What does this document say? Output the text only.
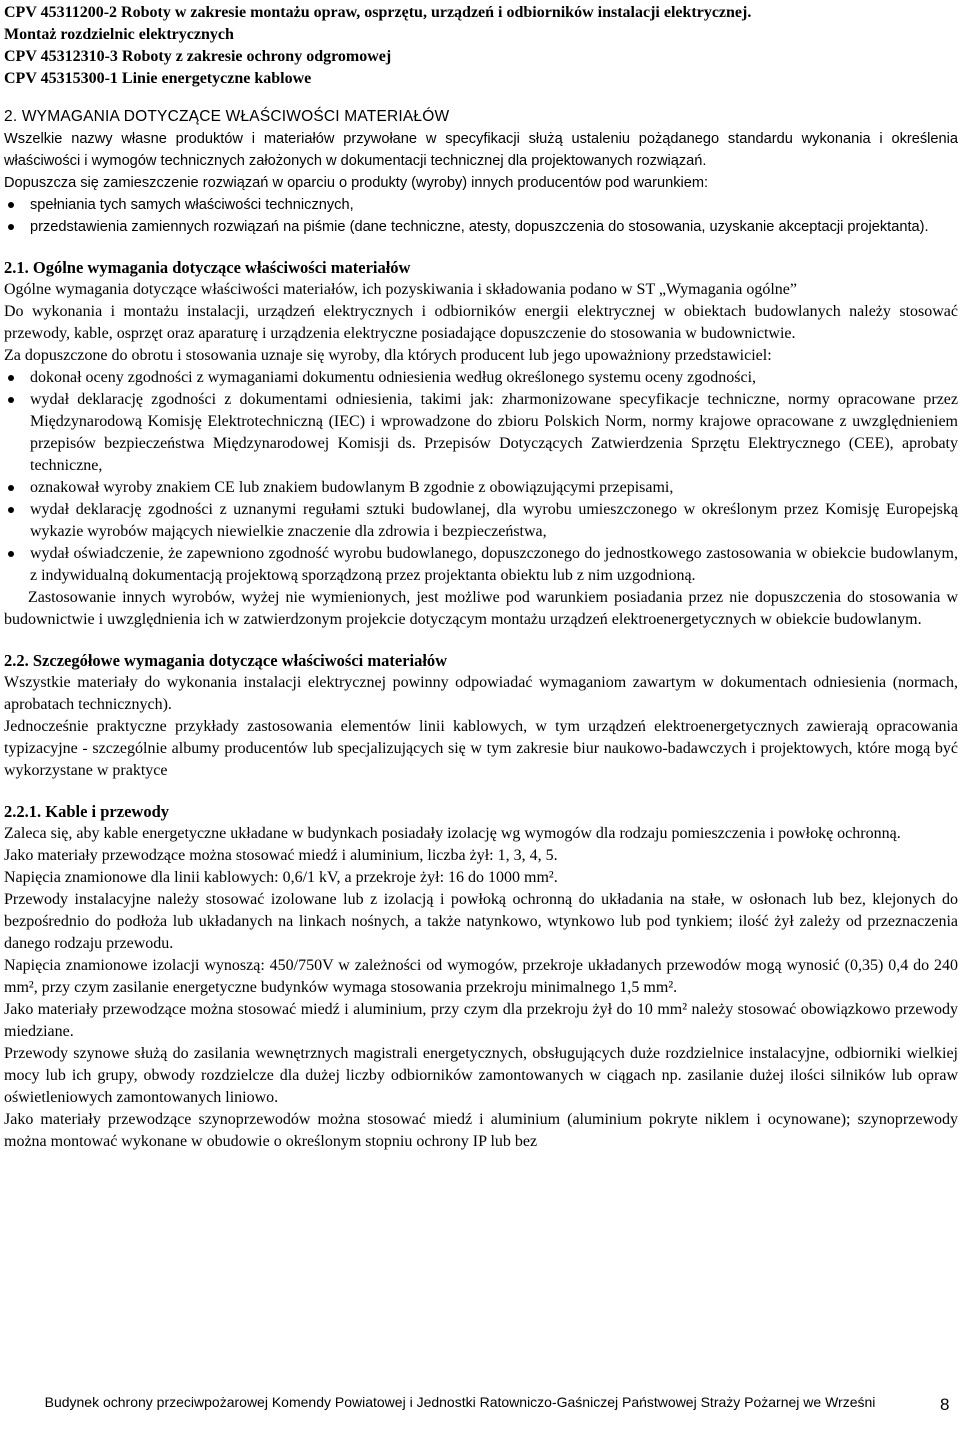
CPV 45311200-2 Roboty w zakresie montażu opraw, osprzętu, urządzeń i odbiorników instalacji elektrycznej.
Montaż rozdzielnic elektrycznych
CPV 45312310-3 Roboty z zakresie ochrony odgromowej
CPV 45315300-1 Linie energetyczne kablowe
2. WYMAGANIA DOTYCZĄCE WŁAŚCIWOŚCI MATERIAŁÓW

Wszelkie nazwy własne produktów i materiałów przywołane w specyfikacji służą ustaleniu pożądanego standardu wykonania i określenia właściwości i wymogów technicznych założonych w dokumentacji technicznej dla projektowanych rozwiązań.

Dopuszcza się zamieszczenie rozwiązań w oparciu o produkty (wyroby) innych producentów pod warunkiem:

spełniania tych samych właściwości technicznych,
przedstawienia zamiennych rozwiązań na piśmie (dane techniczne, atesty, dopuszczenia do stosowania, uzyskanie akceptacji projektanta).
2.1. Ogólne wymagania dotyczące właściwości materiałów

Ogólne wymagania dotyczące właściwości materiałów, ich pozyskiwania i składowania podano w ST „Wymagania ogólne”

Do wykonania i montażu instalacji, urządzeń elektrycznych i odbiorników energii elektrycznej w obiektach budowlanych należy stosować przewody, kable, osprzęt oraz aparaturę i urządzenia elektryczne posiadające dopuszczenie do stosowania w budownictwie.

Za dopuszczone do obrotu i stosowania uznaje się wyroby, dla których producent lub jego upoważniony przedstawiciel:

dokonał oceny zgodności z wymaganiami dokumentu odniesienia według określonego systemu oceny zgodności,
wydał deklarację zgodności z dokumentami odniesienia, takimi jak: zharmonizowane specyfikacje techniczne, normy opracowane przez Międzynarodową Komisję Elektrotechniczną (IEC) i wprowadzone do zbioru Polskich Norm, normy krajowe opracowane z uwzględnieniem przepisów bezpieczeństwa Międzynarodowej Komisji ds. Przepisów Dotyczących Zatwierdzenia Sprzętu Elektrycznego (CEE), aprobaty techniczne,
oznakował wyroby znakiem CE lub znakiem budowlanym B zgodnie z obowiązującymi przepisami,
wydał deklarację zgodności z uznanymi regułami sztuki budowlanej, dla wyrobu umieszczonego w określonym przez Komisję Europejską wykazie wyrobów mających niewielkie znaczenie dla zdrowia i bezpieczeństwa,
wydał oświadczenie, że zapewniono zgodność wyrobu budowlanego, dopuszczonego do jednostkowego zastosowania w obiekcie budowlanym, z indywidualną dokumentacją projektową sporządzoną przez projektanta obiektu lub z nim uzgodnioną.

Zastosowanie innych wyrobów, wyżej nie wymienionych, jest możliwe pod warunkiem posiadania przez nie dopuszczenia do stosowania w budownictwie i uwzględnienia ich w zatwierdzonym projekcie dotyczącym montażu urządzeń elektroenergetycznych w obiekcie budowlanym.

2.2. Szczegółowe wymagania dotyczące właściwości materiałów

Wszystkie materiały do wykonania instalacji elektrycznej powinny odpowiadać wymaganiom zawartym w dokumentach odniesienia (normach, aprobatach technicznych).

Jednocześnie praktyczne przykłady zastosowania elementów linii kablowych, w tym urządzeń elektroenergetycznych zawierają opracowania typizacyjne - szczególnie albumy producentów lub specjalizujących się w tym zakresie biur naukowo-badawczych i projektowych, które mogą być wykorzystane w praktyce

2.2.1. Kable i przewody

Zaleca się, aby kable energetyczne układane w budynkach posiadały izolację wg wymogów dla rodzaju pomieszczenia i powłokę ochronną.

Jako materiały przewodzące można stosować miedź i aluminium, liczba żył: 1, 3, 4, 5.

Napięcia znamionowe dla linii kablowych: 0,6/1 kV, a przekroje żył: 16 do 1000 mm².

Przewody instalacyjne należy stosować izolowane lub z izolacją i powłoką ochronną do układania na stałe, w osłonach lub bez, klejonych do bezpośrednio do podłoża lub układanych na linkach nośnych, a także natynkowo, wtynkowo lub pod tynkiem; ilość żył zależy od przeznaczenia danego rodzaju przewodu.

Napięcia znamionowe izolacji wynoszą: 450/750V w zależności od wymogów, przekroje układanych przewodów mogą wynosić (0,35) 0,4 do 240 mm², przy czym zasilanie energetyczne budynków wymaga stosowania przekroju minimalnego 1,5 mm².

Jako materiały przewodzące można stosować miedź i aluminium, przy czym dla przekroju żył do 10 mm² należy stosować obowiązkowo przewody miedziane.

Przewody szynowe służą do zasilania wewnętrznych magistrali energetycznych, obsługujących duże rozdzielnice instalacyjne, odbiorniki wielkiej mocy lub ich grupy, obwody rozdzielcze dla dużej liczby odbiorników zamontowanych w ciągach np. zasilanie dużej ilości silników lub opraw oświetleniowych zamontowanych liniowo.

Jako materiały przewodzące szynoprzewodów można stosować miedź i aluminium (aluminium pokryte niklem i ocynowane); szynoprzewody można montować wykonane w obudowie o określonym stopniu ochrony IP lub bez

Budynek ochrony przeciwpożarowej Komendy Powiatowej i Jednostki Ratowniczo-Gaśniczej Państwowej Straży Pożarnej we Wrześni	8
